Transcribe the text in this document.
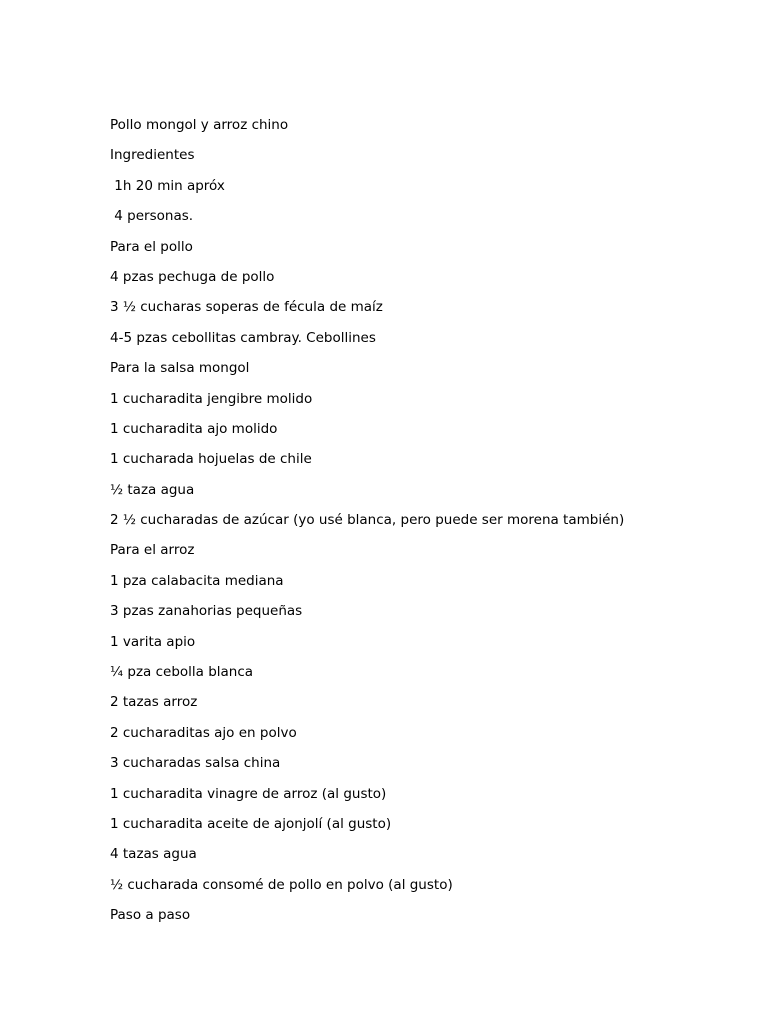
Pollo mongol y arroz chino
Ingredientes
1h 20 min apróx
4 personas.
Para el pollo
4 pzas pechuga de pollo
3 ½ cucharas soperas de fécula de maíz
4-5 pzas cebollitas cambray. Cebollines
Para la salsa mongol
1 cucharadita jengibre molido
1 cucharadita ajo molido
1 cucharada hojuelas de chile
½ taza agua
2 ½ cucharadas de azúcar (yo usé blanca, pero puede ser morena también)
Para el arroz
1 pza calabacita mediana
3 pzas zanahorias pequeñas
1 varita apio
¼ pza cebolla blanca
2 tazas arroz
2 cucharaditas ajo en polvo
3 cucharadas salsa china
1 cucharadita vinagre de arroz (al gusto)
1 cucharadita aceite de ajonjolí (al gusto)
4 tazas agua
½ cucharada consomé de pollo en polvo (al gusto)
Paso a paso
